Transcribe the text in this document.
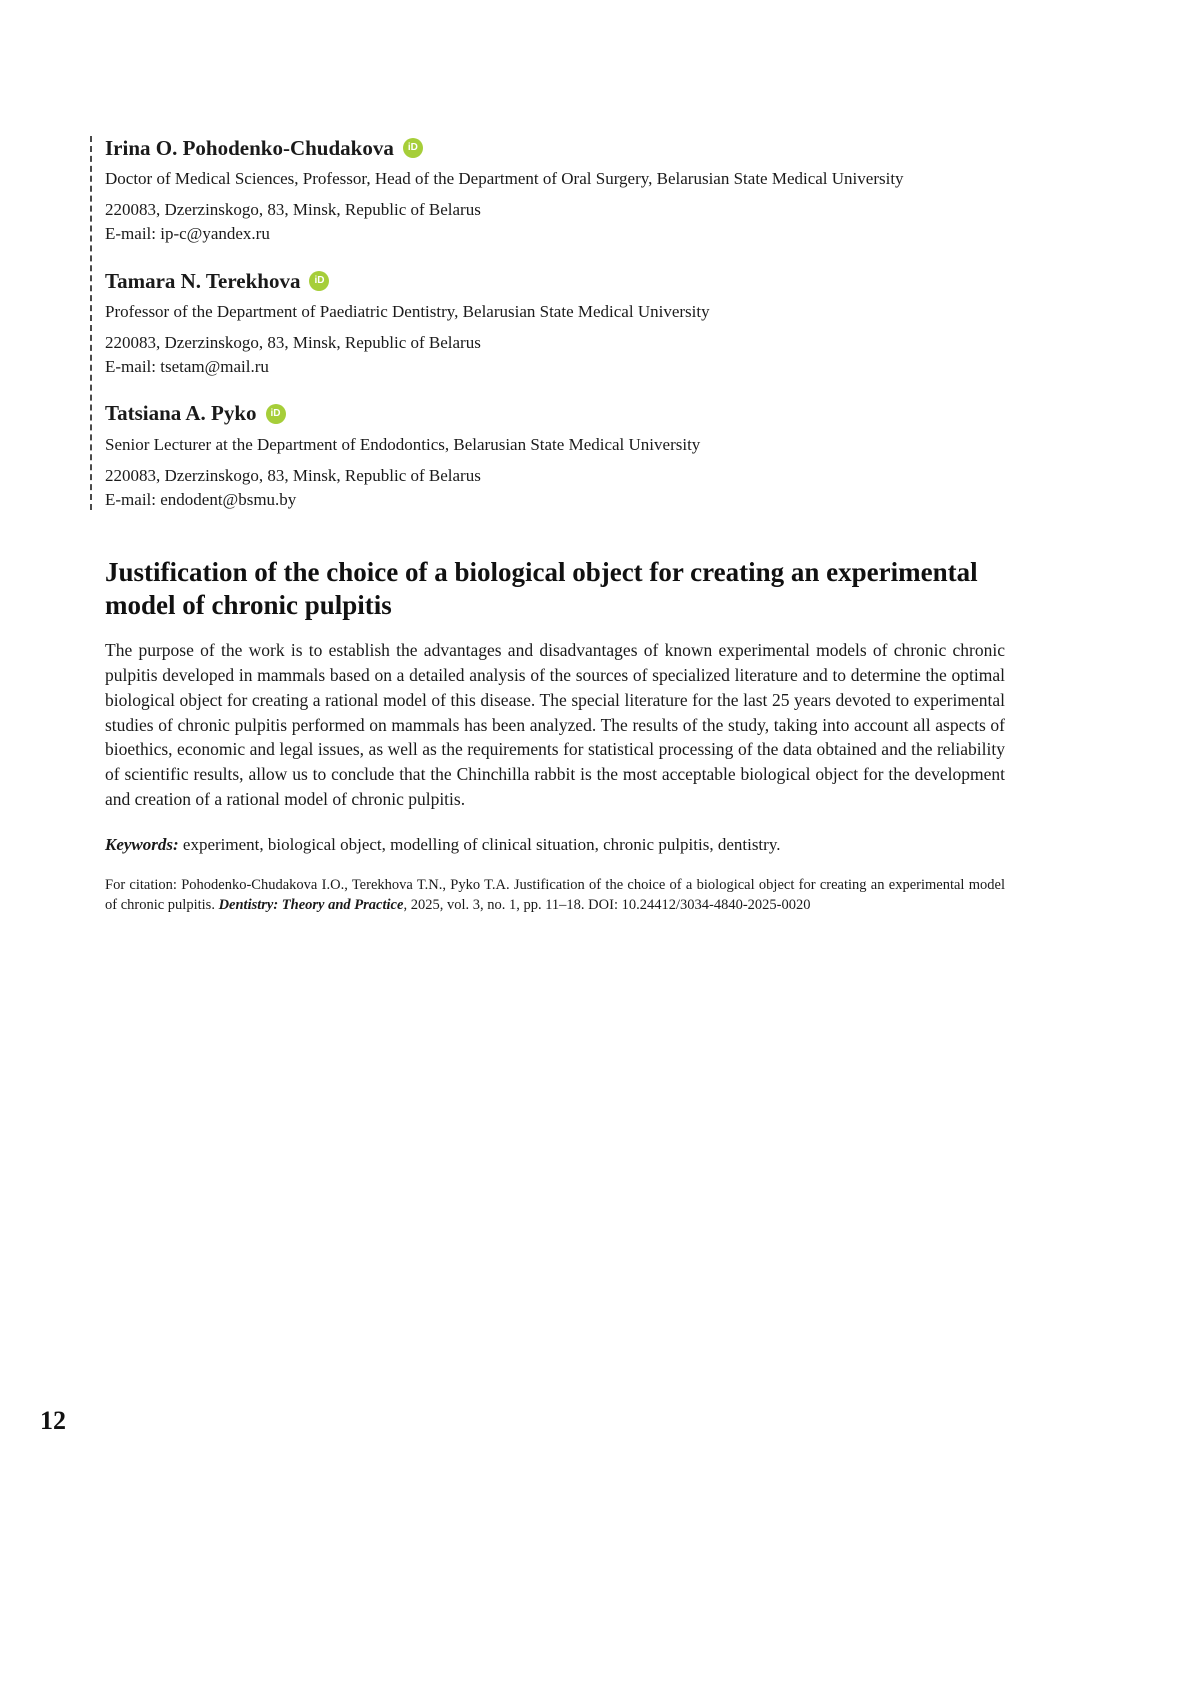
Irina O. Pohodenko-Chudakova	iD

Doctor of Medical Sciences, Professor, Head of the Department of Oral Surgery, Belarusian State Medical University

220083, Dzerzinskogo, 83, Minsk, Republic of Belarus

E-mail: ip-c@yandex.ru

Tamara N. Terekhova	iD

Professor of the Department of Paediatric Dentistry, Belarusian State Medical University

220083, Dzerzinskogo, 83, Minsk, Republic of Belarus

E-mail: tsetam@mail.ru

Tatsiana A. Pyko	iD

Senior Lecturer at the Department of Endodontics, Belarusian State Medical University

220083, Dzerzinskogo, 83, Minsk, Republic of Belarus

E-mail: endodent@bsmu.by

Justification of the choice of a biological object for creating an experimental model of chronic pulpitis

The purpose of the work is to establish the advantages and disadvantages of known experimental models of chronic chronic pulpitis developed in mammals based on a detailed analysis of the sources of specialized literature and to determine the optimal biological object for creating a rational model of this disease. The special literature for the last 25 years devoted to experimental studies of chronic pulpitis performed on mammals has been analyzed. The results of the study, taking into account all aspects of bioethics, economic and legal issues, as well as the requirements for statistical processing of the data obtained and the reliability of scientific results, allow us to conclude that the Chinchilla rabbit is the most acceptable biological object for the development and creation of a rational model of chronic pulpitis.

Keywords: experiment, biological object, modelling of clinical situation, chronic pulpitis, dentistry.

For citation: Pohodenko-Chudakova I.O., Terekhova T.N., Pyko T.A. Justification of the choice of a biological object for creating an experimental model of chronic pulpitis. Dentistry: Theory and Practice, 2025, vol. 3, no. 1, pp. 11–18. DOI: 10.24412/3034-4840-2025-0020

12
